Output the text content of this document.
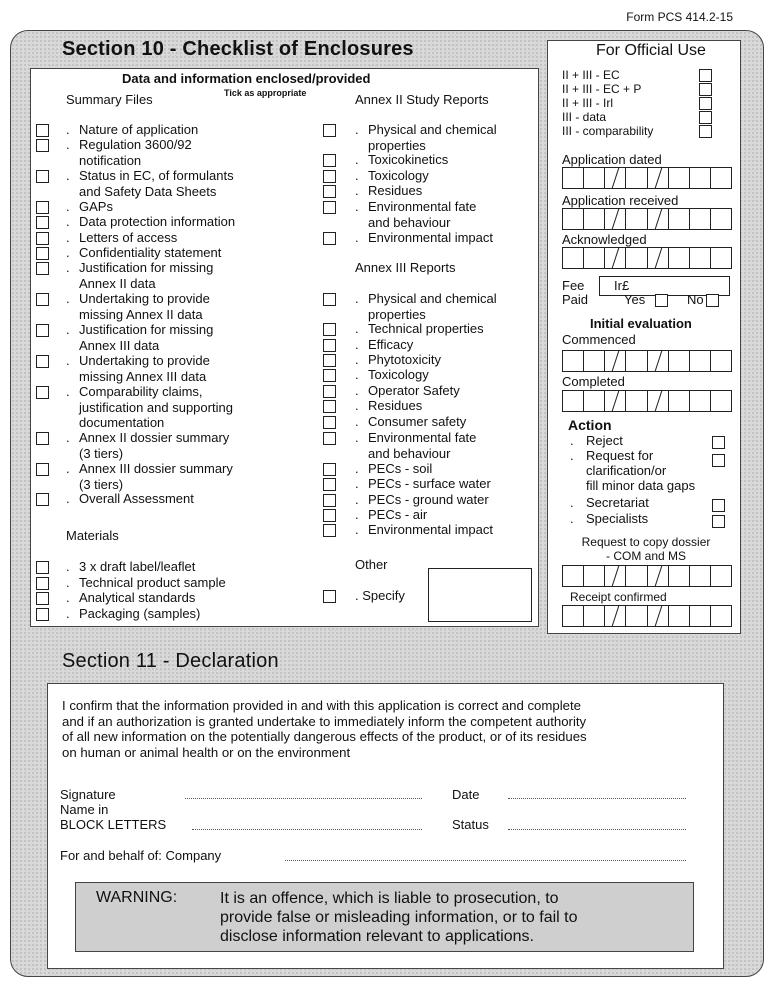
Form PCS 414.2-15
Section 10 - Checklist of Enclosures
Data and information enclosed/provided
Tick as appropriate
Summary Files	Annex II Study Reports
Annex III Reports
Materials
Other
. Nature of application
. Regulation 3600/92
notification
. Status in EC, of formulants
and Safety Data Sheets
. GAPs
. Data protection information
. Letters of access
. Confidentiality statement
. Justification for missing
Annex II data
. Undertaking to provide
missing Annex II data
. Justification for missing
Annex III data
. Undertaking to provide
missing Annex III data
. Comparability claims,
justification and supporting
documentation
. Annex II dossier summary
(3 tiers)
. Annex III dossier summary
(3 tiers)
. Overall Assessment
. Physical and chemical
properties
. Toxicokinetics
. Toxicology
. Residues
. Environmental fate
and behaviour
. Environmental impact
. Physical and chemical
properties
. Technical properties
. Efficacy
. Phytotoxicity
. Toxicology
. Operator Safety
. Residues
. Consumer safety
. Environmental fate
and behaviour
. PECs - soil
. PECs - surface water
. PECs - ground water
. PECs - air
. Environmental impact
. 3 x draft label/leaflet
. Technical product sample
. Analytical standards
. Packaging (samples)
. Specify
For Official Use
II + III - EC
II + III - EC + P
II + III - Irl
III - data
III - comparability
Application dated
Application received
Acknowledged
Fee Ir£
Paid	Yes	No
Initial evaluation
Commenced
Completed
Action
. Reject
. Request for
clarification/or
fill minor data gaps
. Secretariat
. Specialists
Request to copy dossier
- COM and MS
Receipt confirmed
Section 11 - Declaration
I confirm that the information provided in and with this application is correct and complete
and if an authorization is granted undertake to immediately inform the competent authority
of all new information on the potentially dangerous effects of the product, or of its residues
on human or animal health or on the environment
Signature
Name in
BLOCK LETTERS
Date
Status
For and behalf of: Company
WARNING:	It is an offence, which is liable to prosecution, to
provide false or misleading information, or to fail to
disclose information relevant to applications.
